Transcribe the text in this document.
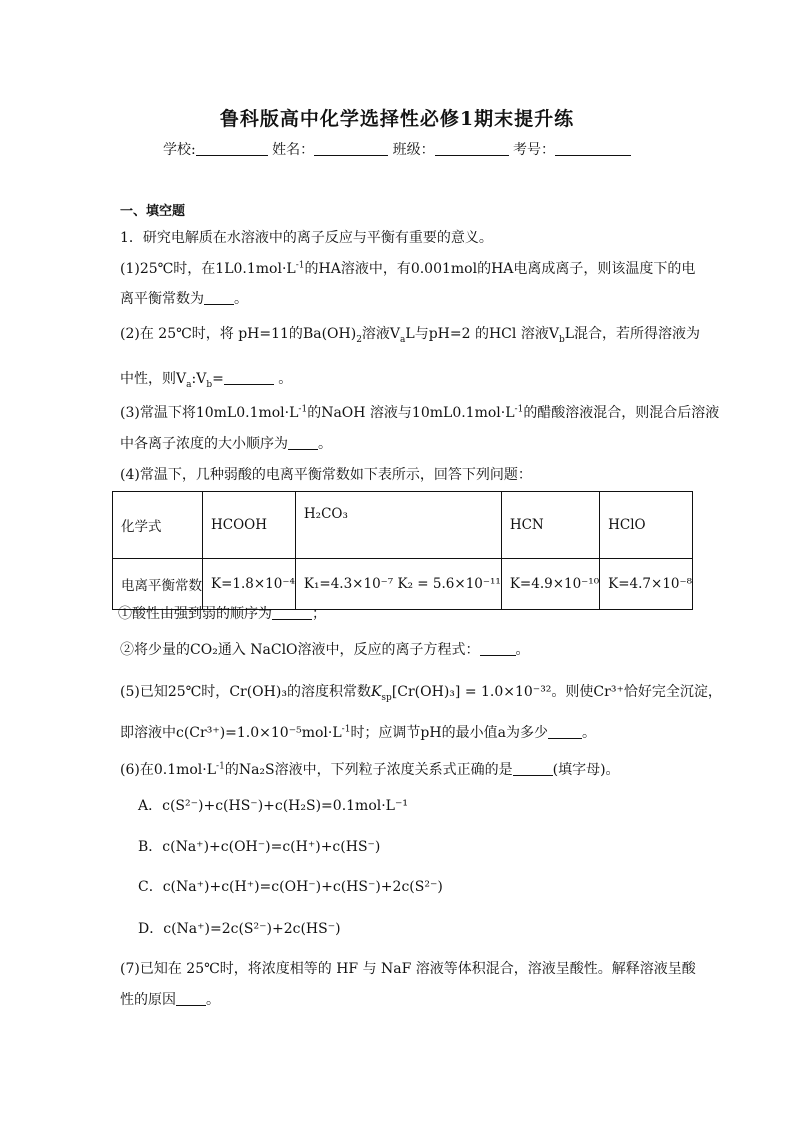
鲁科版高中化学选择性必修1期末提升练
学校:	姓名：	班级：	考号：
一、填空题
1．研究电解质在水溶液中的离子反应与平衡有重要的意义。
(1)25℃时，在$1L0.1mol\cdot L^{-1}$的HA溶液中，有0.001mol的HA电离成离子，则该温度下的电
离平衡常数为 。
(2)在 25℃时，将 pH=11的$Ba(OH)_2$溶液$V_aL$与pH=2 的HCl 溶液$V_bL$混合，若所得溶液为
中性，则$V_a:V_b=$	。
(3)常温下将$10mL0.1mol\cdot L^{-1}$的NaOH 溶液与$10mL0.1mol\cdot L^{-1}$的醋酸溶液混合，则混合后溶液
中各离子浓度的大小顺序为 。
(4)常温下，几种弱酸的电离平衡常数如下表所示，回答下列问题：
化学式	HCOOH	H₂CO₃	HCN	HClO
电离平衡常数	K=1.8×10⁻⁴	K₁=4.3×10⁻⁷ K₂ = 5.6×10⁻¹¹	K=4.9×10⁻¹⁰	K=4.7×10⁻⁸
①酸性由强到弱的顺序为	；
②将少量的CO₂通入 NaClO溶液中，反应的离子方程式：	。
(5)已知25℃时，Cr(OH)₃的溶度积常数$K_{sp}[Cr(OH)_3] = 1.0\times 10^{-32}$。则使Cr³⁺恰好完全沉淀，
即溶液中$c(Cr^{3+})=1.0\times 10^{-5}mol\cdot L^{-1}$时；应调节pH的最小值a为多少 。
(6)在$0.1mol\cdot L^{-1}$的Na₂S溶液中，下列粒子浓度关系式正确的是	(填字母)。
A．c(S²⁻)+c(HS⁻)+c(H₂S)=0.1mol·L⁻¹
B．c(Na⁺)+c(OH⁻)=c(H⁺)+c(HS⁻)
C．c(Na⁺)+c(H⁺)=c(OH⁻)+c(HS⁻)+2c(S²⁻)
D．c(Na⁺)=2c(S²⁻)+2c(HS⁻)
(7)已知在 25℃时，将浓度相等的 HF 与 NaF 溶液等体积混合，溶液呈酸性。解释溶液呈酸
性的原因 。
